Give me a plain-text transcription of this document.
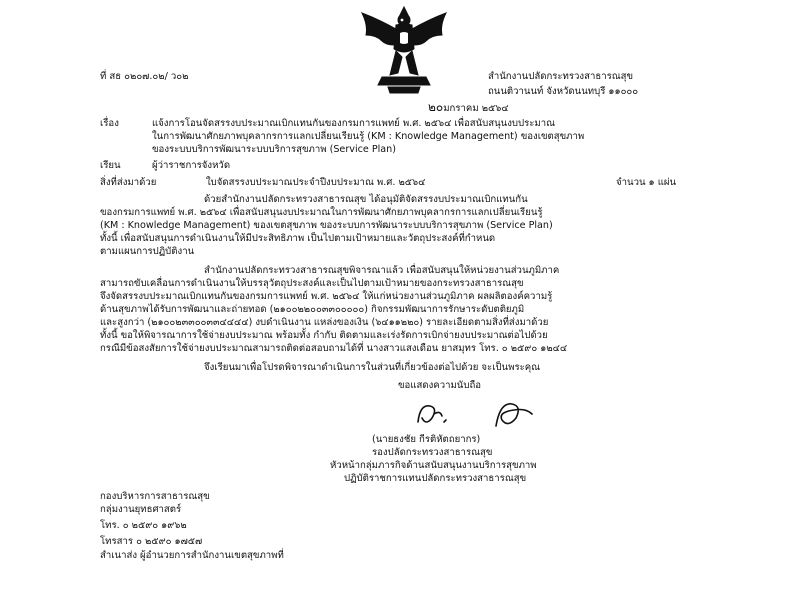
ที่ สธ ๐๒๐๗.๐๒/ ว๐๒	สำนักงานปลัดกระทรวงสาธารณสุข
ถนนติวานนท์ จังหวัดนนทบุรี ๑๑๐๐๐
๒๐มกราคม ๒๕๖๔
เรื่อง	แจ้งการโอนจัดสรรงบประมาณเบิกแทนกันของกรมการแพทย์ พ.ศ. ๒๕๖๔ เพื่อสนับสนุนงบประมาณ
ในการพัฒนาศักยภาพบุคลากรการแลกเปลี่ยนเรียนรู้ (KM : Knowledge Management) ของเขตสุขภาพ
ของระบบบริการพัฒนาระบบบริการสุขภาพ (Service Plan)
เรียน	ผู้ว่าราชการจังหวัด
สิ่งที่ส่งมาด้วย	ใบจัดสรรงบประมาณประจำปีงบประมาณ พ.ศ. ๒๕๖๔	จำนวน ๑ แผ่น
ด้วยสำนักงานปลัดกระทรวงสาธารณสุข ได้อนุมัติจัดสรรงบประมาณเบิกแทนกัน
ของกรมการแพทย์ พ.ศ. ๒๕๖๔ เพื่อสนับสนุนงบประมาณในการพัฒนาศักยภาพบุคลากรการแลกเปลี่ยนเรียนรู้
(KM : Knowledge Management) ของเขตสุขภาพ ของระบบการพัฒนาระบบบริการสุขภาพ (Service Plan)
ทั้งนี้ เพื่อสนับสนุนการดำเนินงานให้มีประสิทธิภาพ เป็นไปตามเป้าหมายและวัตถุประสงค์ที่กำหนด
ตามแผนการปฏิบัติงาน
สำนักงานปลัดกระทรวงสาธารณสุขพิจารณาแล้ว เพื่อสนับสนุนให้หน่วยงานส่วนภูมิภาค
สามารถขับเคลื่อนการดำเนินงานให้บรรลุวัตถุประสงค์และเป็นไปตามเป้าหมายของกระทรวงสาธารณสุข
จึงจัดสรรงบประมาณเบิกแทนกันของกรมการแพทย์ พ.ศ. ๒๕๖๔ ให้แก่หน่วยงานส่วนภูมิภาค ผลผลิตองค์ความรู้
ด้านสุขภาพได้รับการพัฒนาและถ่ายทอด (๒๑๐๐๒๒๐๐๓๓๐๐๐๐๐) กิจกรรมพัฒนาการรักษาระดับตติยภูมิ
และสูงกว่า (๒๑๐๐๒๓๓๐๐๓๓๔๔๔๔) งบดำเนินงาน แหล่งของเงิน (๖๔๑๑๒๒๐) รายละเอียดตามสิ่งที่ส่งมาด้วย
ทั้งนี้ ขอให้พิจารณาการใช้จ่ายงบประมาณ พร้อมทั้ง กำกับ ติดตามและเร่งรัดการเบิกจ่ายงบประมาณต่อไปด้วย
กรณีมีข้อสงสัยการใช้จ่ายงบประมาณสามารถติดต่อสอบถามได้ที่ นางสาวแสงเดือน ยาสมุทร โทร. ๐ ๒๕๙๐ ๑๒๔๔
จึงเรียนมาเพื่อโปรดพิจารณาดำเนินการในส่วนที่เกี่ยวข้องต่อไปด้วย จะเป็นพระคุณ
ขอแสดงความนับถือ
(นายธงชัย กีรติหัตถยากร)
รองปลัดกระทรวงสาธารณสุข
หัวหน้ากลุ่มภารกิจด้านสนับสนุนงานบริการสุขภาพ
ปฏิบัติราชการแทนปลัดกระทรวงสาธารณสุข
กองบริหารการสาธารณสุข
กลุ่มงานยุทธศาสตร์
โทร. ๐ ๒๕๙๐ ๑๙๖๒
โทรสาร ๐ ๒๕๙๐ ๑๗๕๗
สำเนาส่ง ผู้อำนวยการสำนักงานเขตสุขภาพที่
